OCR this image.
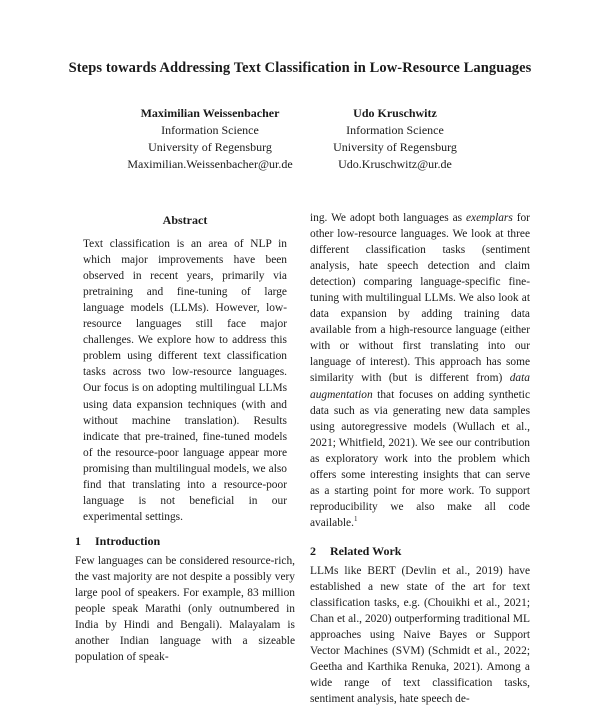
Steps towards Addressing Text Classification in Low-Resource Languages
Maximilian Weissenbacher
Information Science
University of Regensburg
Maximilian.Weissenbacher@ur.de
Udo Kruschwitz
Information Science
University of Regensburg
Udo.Kruschwitz@ur.de
Abstract
Text classification is an area of NLP in which major improvements have been observed in recent years, primarily via pretraining and fine-tuning of large language models (LLMs). However, low-resource languages still face major challenges. We explore how to address this problem using different text classification tasks across two low-resource languages. Our focus is on adopting multilingual LLMs using data expansion techniques (with and without machine translation). Results indicate that pre-trained, fine-tuned models of the resource-poor language appear more promising than multilingual models, we also find that translating into a resource-poor language is not beneficial in our experimental settings.
1 Introduction
Few languages can be considered resource-rich, the vast majority are not despite a possibly very large pool of speakers. For example, 83 million people speak Marathi (only outnumbered in India by Hindi and Bengali). Malayalam is another Indian language with a sizeable population of speak-
ing. We adopt both languages as exemplars for other low-resource languages. We look at three different classification tasks (sentiment analysis, hate speech detection and claim detection) comparing language-specific fine-tuning with multilingual LLMs. We also look at data expansion by adding training data available from a high-resource language (either with or without first translating into our language of interest). This approach has some similarity with (but is different from) data augmentation that focuses on adding synthetic data such as via generating new data samples using autoregressive models (Wullach et al., 2021; Whitfield, 2021). We see our contribution as exploratory work into the problem which offers some interesting insights that can serve as a starting point for more work. To support reproducibility we also make all code available.$^1$
2 Related Work
LLMs like BERT (Devlin et al., 2019) have established a new state of the art for text classification tasks, e.g. (Chouikhi et al., 2021; Chan et al., 2020) outperforming traditional ML approaches using Naive Bayes or Support Vector Machines (SVM) (Schmidt et al., 2022; Geetha and Karthika Renuka, 2021). Among a wide range of text classification tasks, sentiment analysis, hate speech de-
